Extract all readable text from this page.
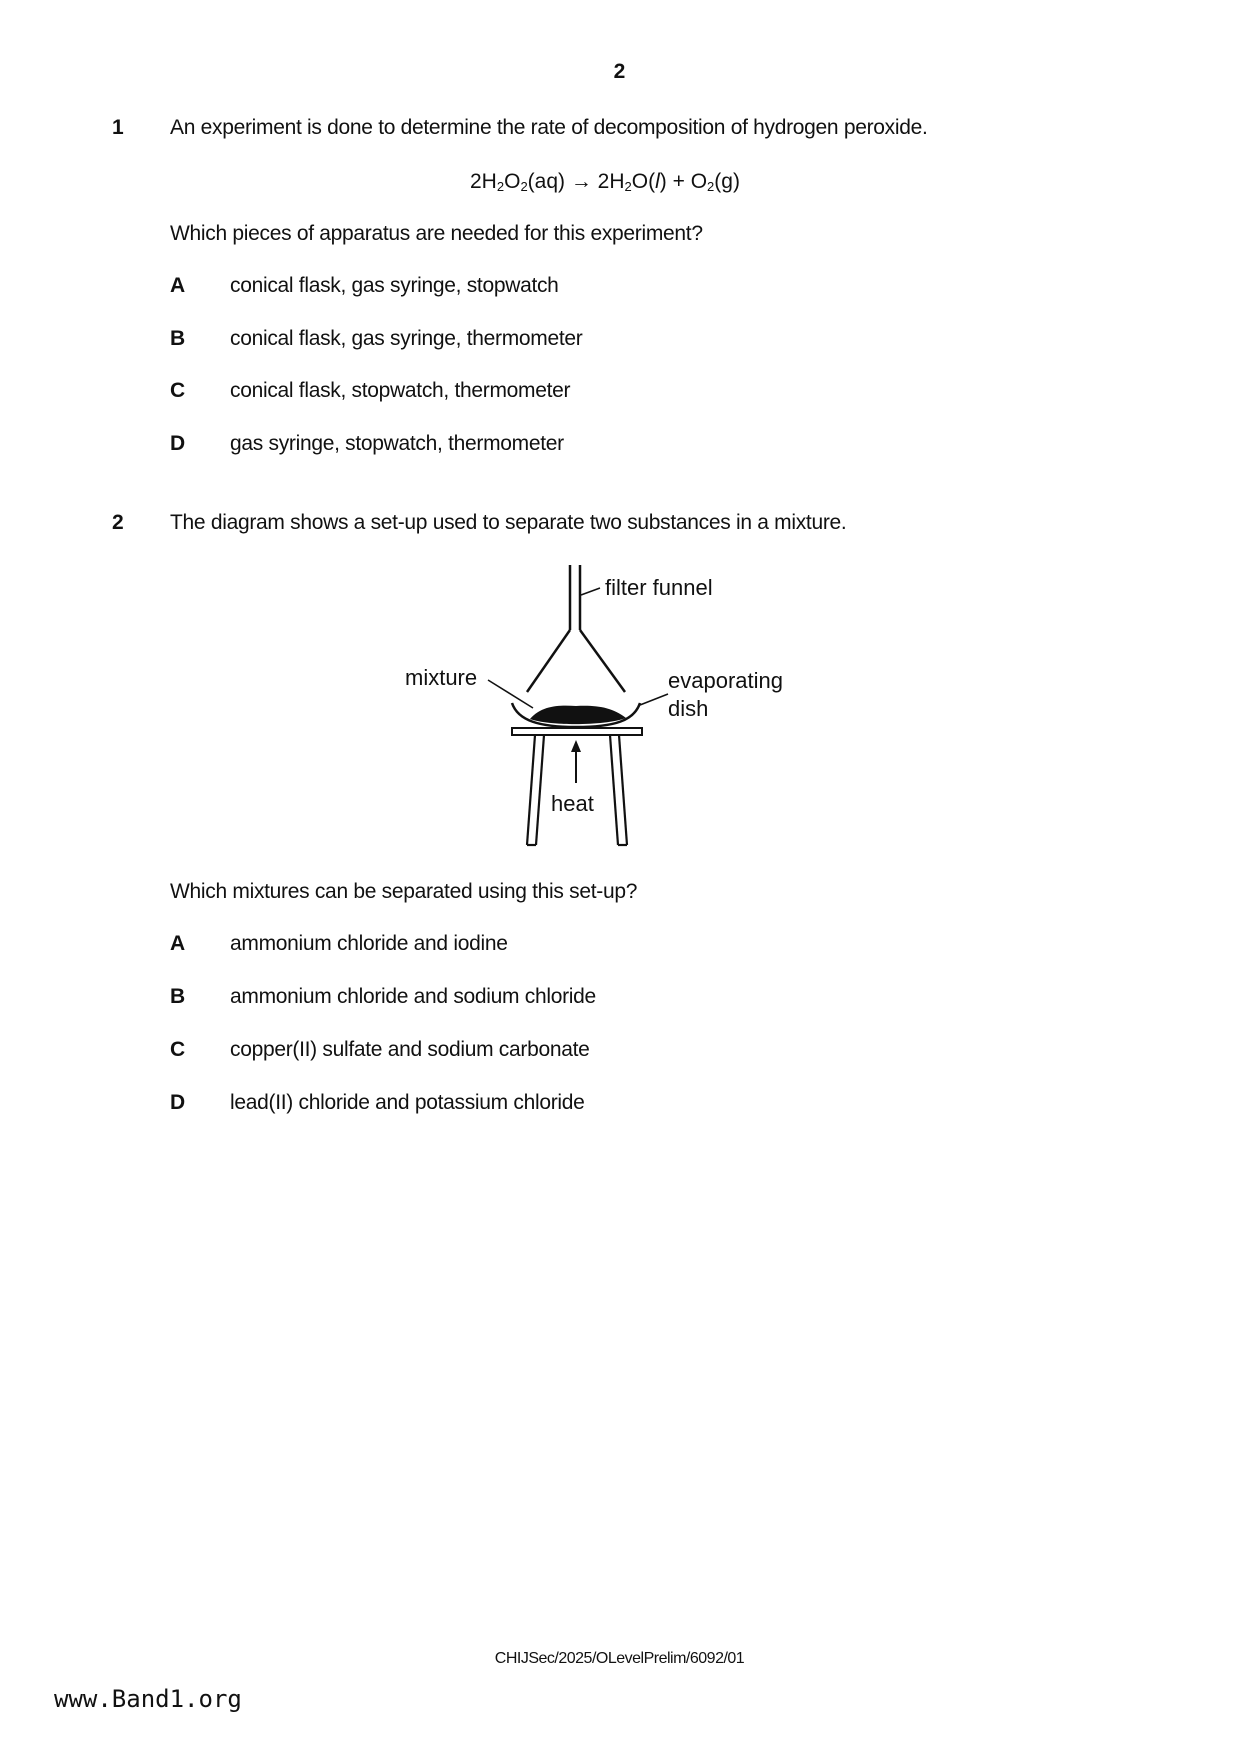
2
1 An experiment is done to determine the rate of decomposition of hydrogen peroxide.
$2H_2O_2(aq) \to 2H_2O(l) + O_2(g)$
Which pieces of apparatus are needed for this experiment?
A conical flask, gas syringe, stopwatch
B conical flask, gas syringe, thermometer
C conical flask, stopwatch, thermometer
D gas syringe, stopwatch, thermometer
2 The diagram shows a set-up used to separate two substances in a mixture.
filter funnel
mixture	evaporating
dish
heat
Which mixtures can be separated using this set-up?
A ammonium chloride and iodine
B ammonium chloride and sodium chloride
C copper(II) sulfate and sodium carbonate
D lead(II) chloride and potassium chloride
CHIJSec/2025/OLevelPrelim/6092/01
www.Band1.org
